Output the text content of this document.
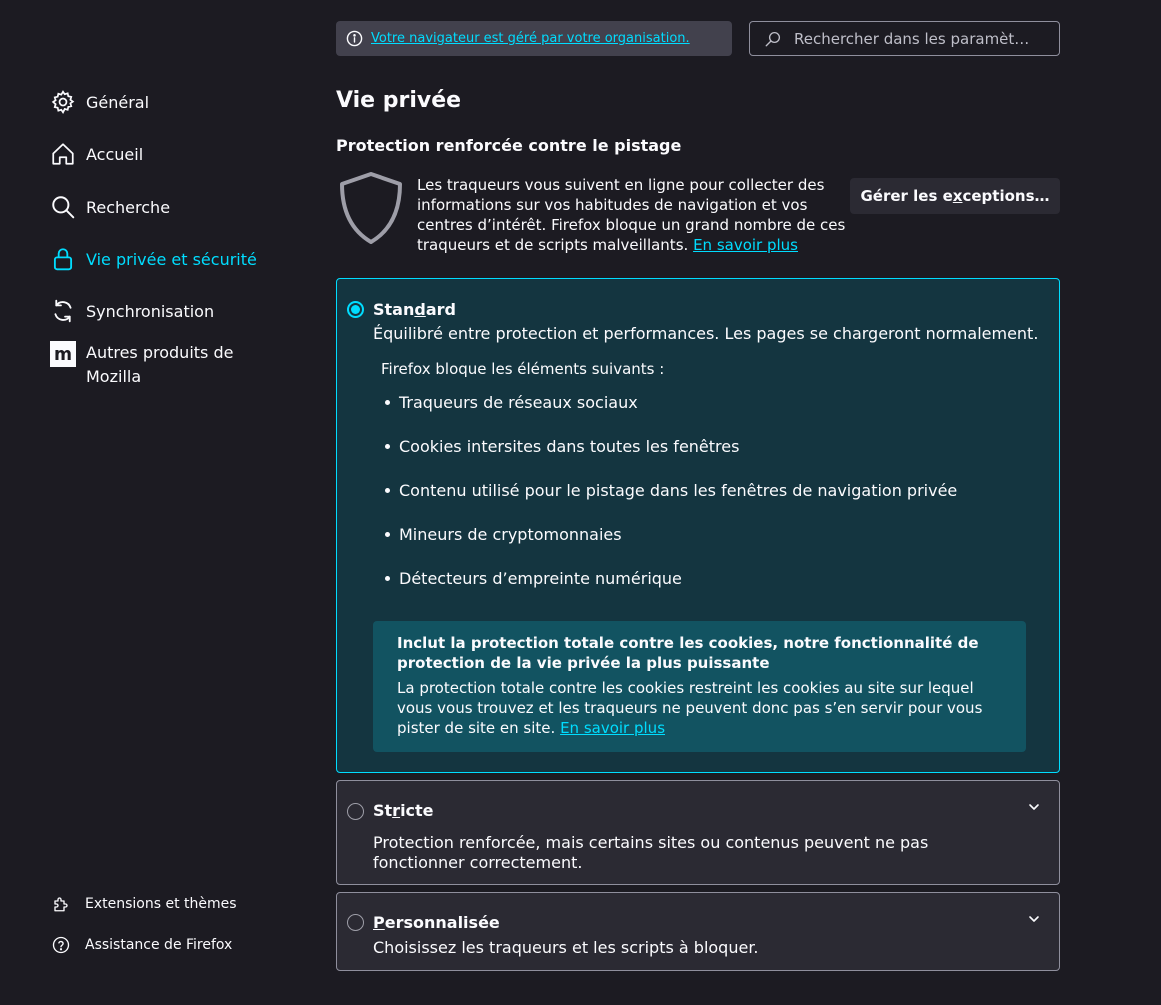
Général
Accueil
Recherche
Vie privée et sécurité
Synchronisation
m Autres produits de Mozilla
Extensions et thèmes
Assistance de Firefox
Votre navigateur est géré par votre organisation.	Rechercher dans les paramèt…
Vie privée
Protection renforcée contre le pistage
Les traqueurs vous suivent en ligne pour collecter des informations sur vos habitudes de navigation et vos centres d’intérêt. Firefox bloque un grand nombre de ces traqueurs et de scripts malveillants. En savoir plus
Gérer les e x ceptions…
Standard
Équilibré entre protection et performances. Les pages se chargeront normalement.
Firefox bloque les éléments suivants :
Traqueurs de réseaux sociaux
Cookies intersites dans toutes les fenêtres
Contenu utilisé pour le pistage dans les fenêtres de navigation privée
Mineurs de cryptomonnaies
Détecteurs d’empreinte numérique
Inclut la protection totale contre les cookies, notre fonctionnalité de protection de la vie privée la plus puissante
La protection totale contre les cookies restreint les cookies au site sur lequel vous vous trouvez et les traqueurs ne peuvent donc pas s’en servir pour vous pister de site en site. En savoir plus
Stricte
Protection renforcée, mais certains sites ou contenus peuvent ne pas fonctionner correctement.
Personnalisée
Choisissez les traqueurs et les scripts à bloquer.
